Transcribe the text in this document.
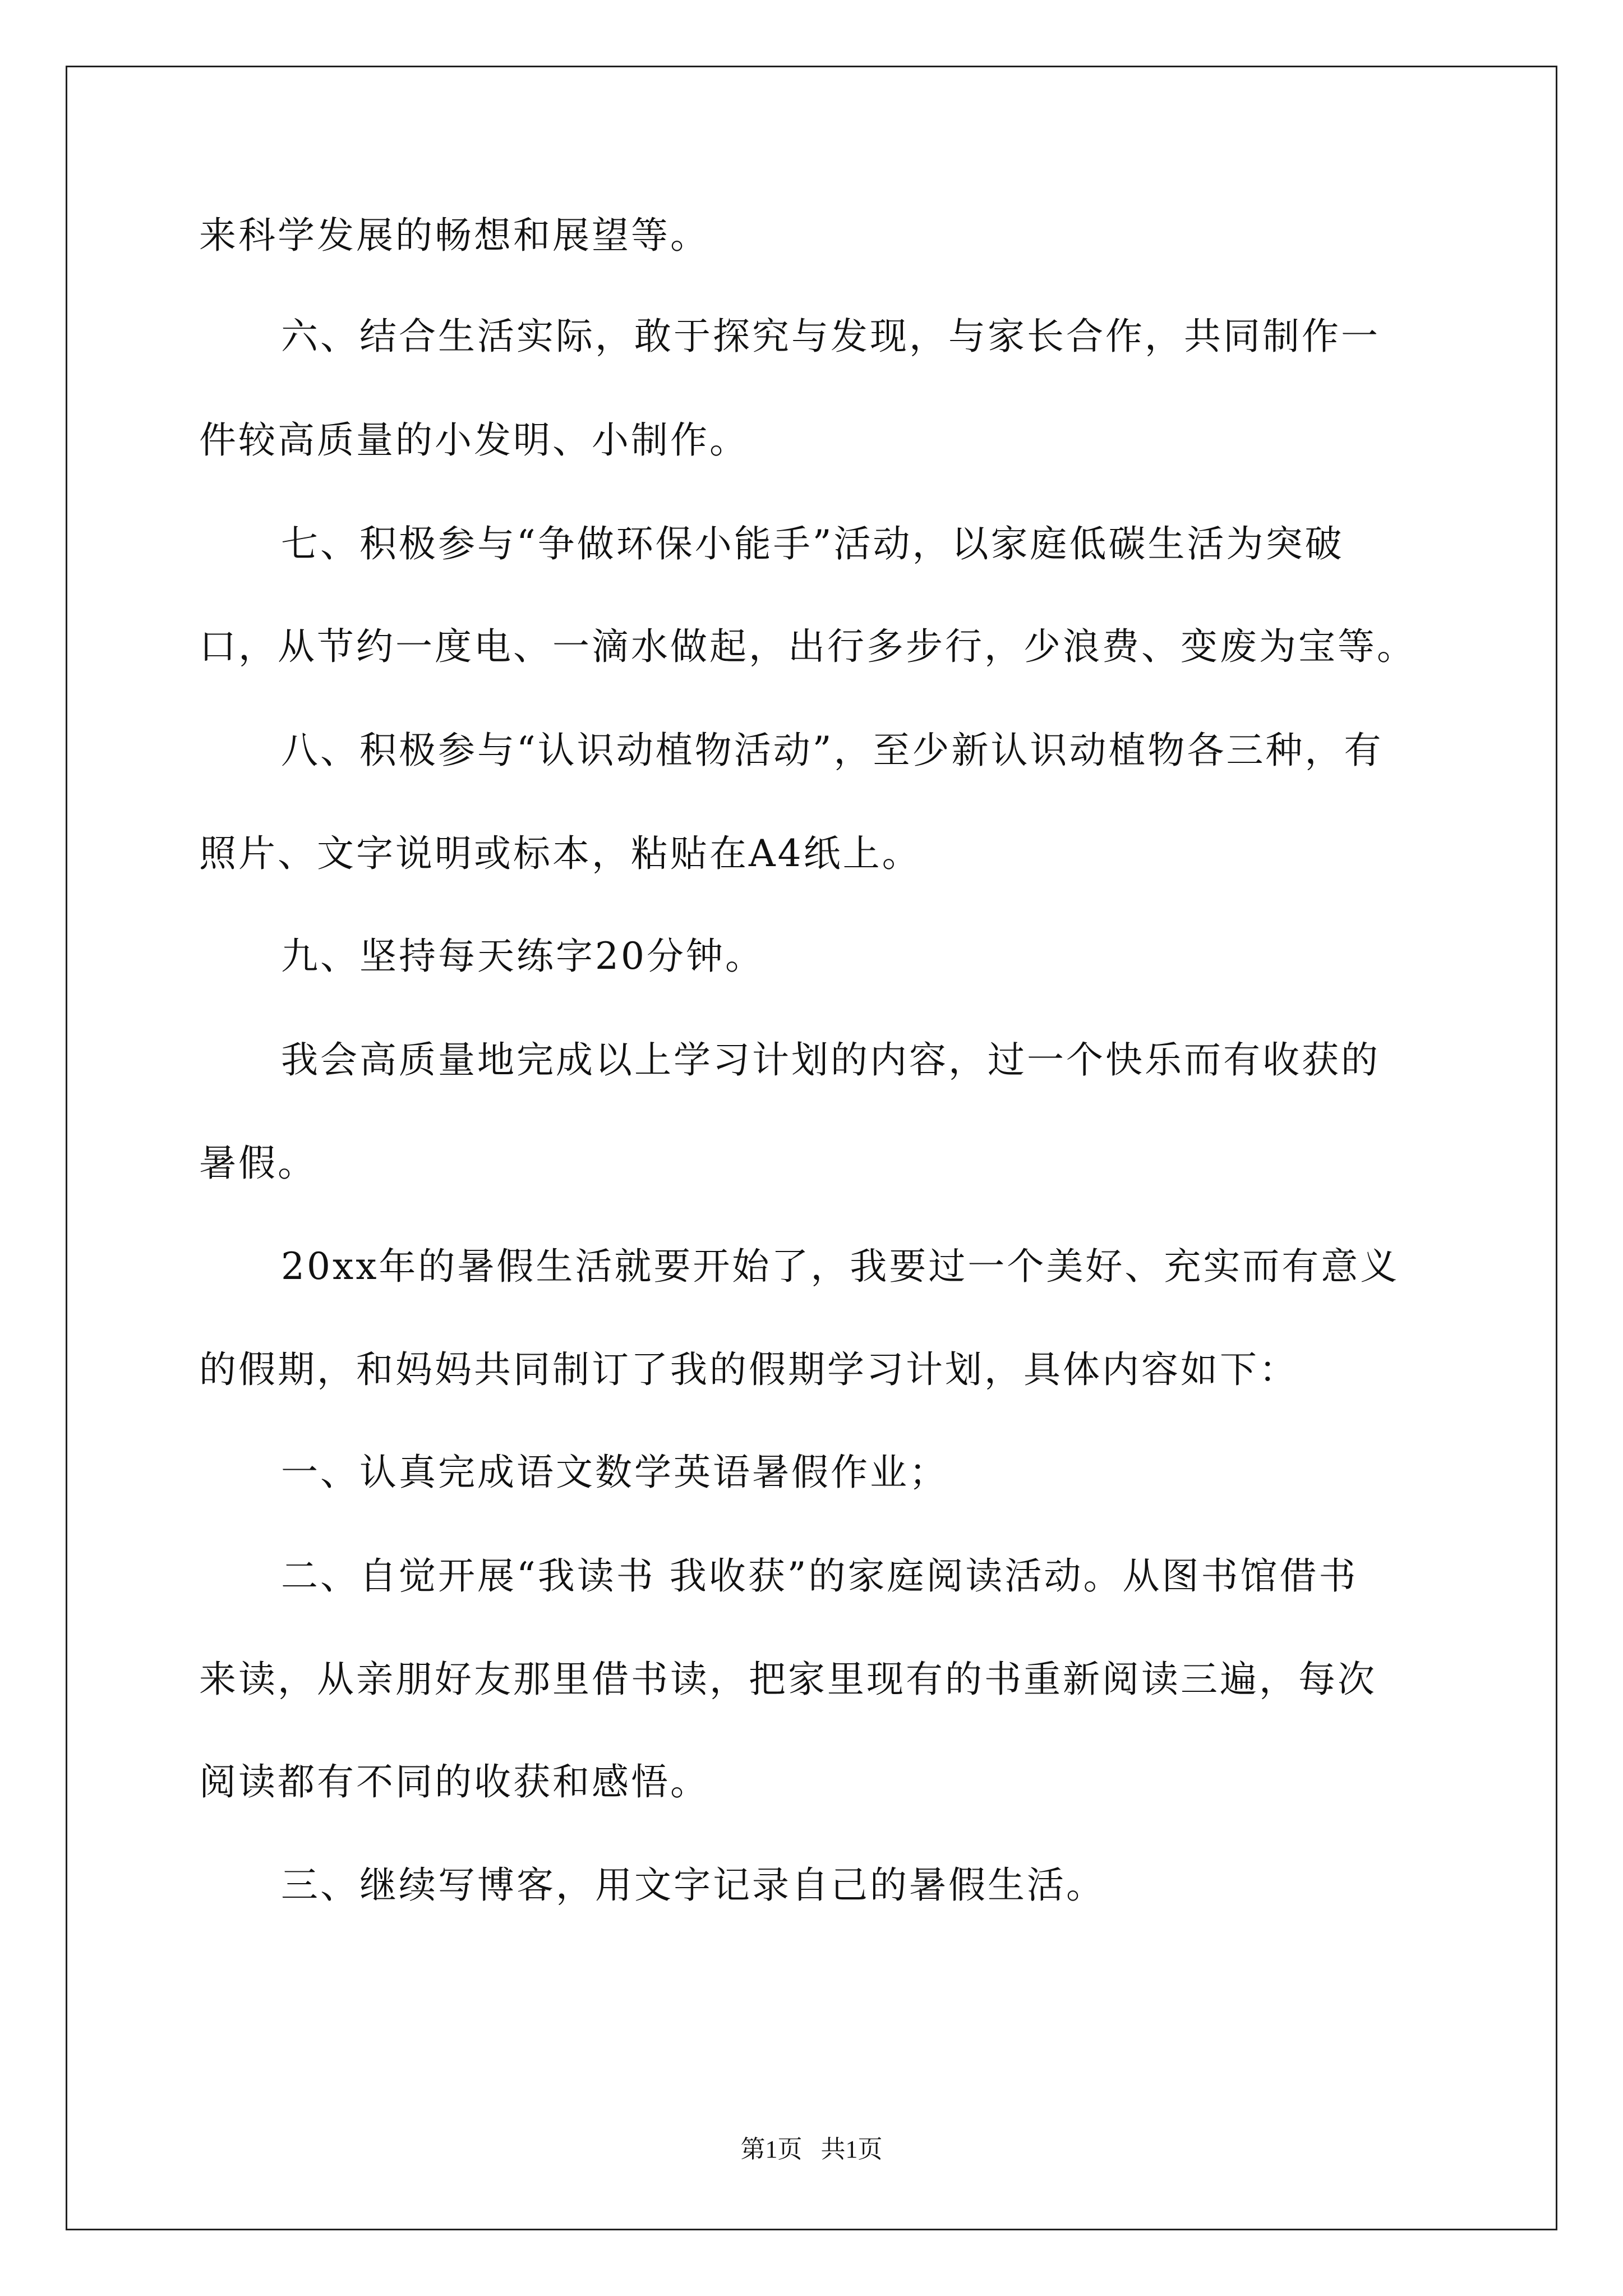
来科学发展的畅想和展望等。
六、结合生活实际，敢于探究与发现，与家长合作，共同制作一
件较高质量的小发明、小制作。
七、积极参与“争做环保小能手”活动，以家庭低碳生活为突破
口，从节约一度电、一滴水做起，出行多步行，少浪费、变废为宝等。
八、积极参与“认识动植物活动”，至少新认识动植物各三种，有
照片、文字说明或标本，粘贴在A4纸上。
九、坚持每天练字20分钟。
我会高质量地完成以上学习计划的内容，过一个快乐而有收获的
暑假。
20xx年的暑假生活就要开始了，我要过一个美好、充实而有意义
的假期，和妈妈共同制订了我的假期学习计划，具体内容如下：
一、认真完成语文数学英语暑假作业；
二、自觉开展“我读书 我收获”的家庭阅读活动。从图书馆借书
来读，从亲朋好友那里借书读，把家里现有的书重新阅读三遍，每次
阅读都有不同的收获和感悟。
三、继续写博客，用文字记录自己的暑假生活。
第1页   共1页
